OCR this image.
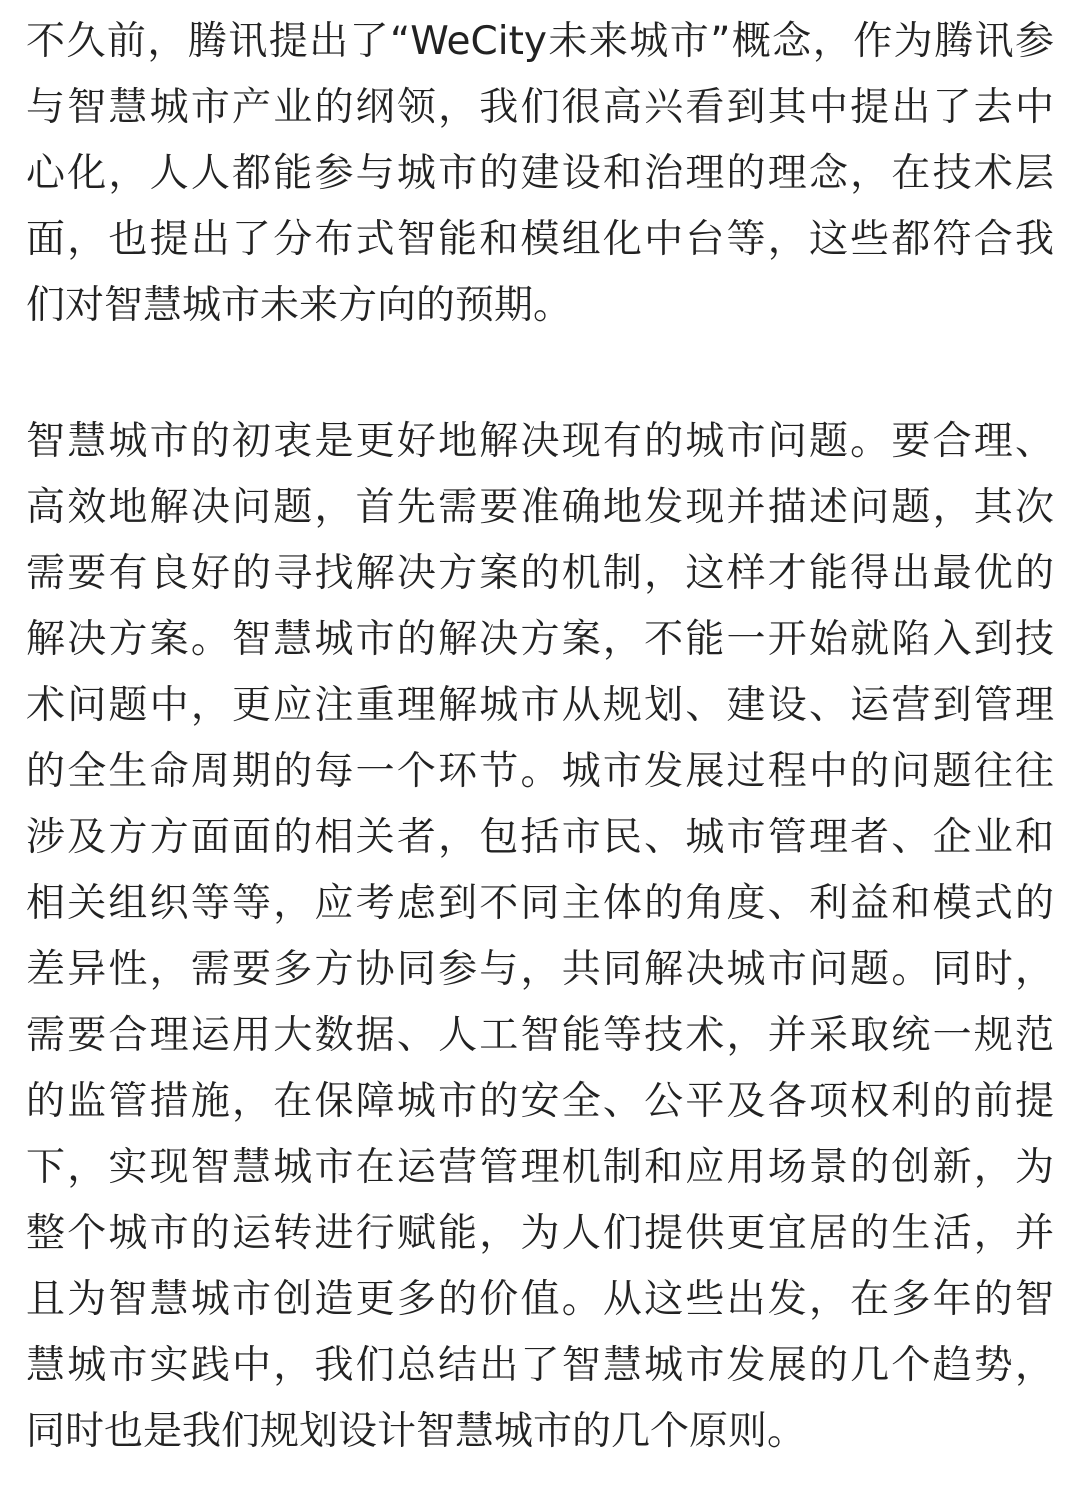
不久前，腾讯提出了“WeCity未来城市”概念，作为腾讯参
与智慧城市产业的纲领，我们很高兴看到其中提出了去中
心化，人人都能参与城市的建设和治理的理念，在技术层
面，也提出了分布式智能和模组化中台等，这些都符合我
们对智慧城市未来方向的预期。
智慧城市的初衷是更好地解决现有的城市问题。要合理、
高效地解决问题，首先需要准确地发现并描述问题，其次
需要有良好的寻找解决方案的机制，这样才能得出最优的
解决方案。智慧城市的解决方案，不能一开始就陷入到技
术问题中，更应注重理解城市从规划、建设、运营到管理
的全生命周期的每一个环节。城市发展过程中的问题往往
涉及方方面面的相关者，包括市民、城市管理者、企业和
相关组织等等，应考虑到不同主体的角度、利益和模式的
差异性，需要多方协同参与，共同解决城市问题。同时，
需要合理运用大数据、人工智能等技术，并采取统一规范
的监管措施，在保障城市的安全、公平及各项权利的前提
下，实现智慧城市在运营管理机制和应用场景的创新，为
整个城市的运转进行赋能，为人们提供更宜居的生活，并
且为智慧城市创造更多的价值。从这些出发，在多年的智
慧城市实践中，我们总结出了智慧城市发展的几个趋势，
同时也是我们规划设计智慧城市的几个原则。
